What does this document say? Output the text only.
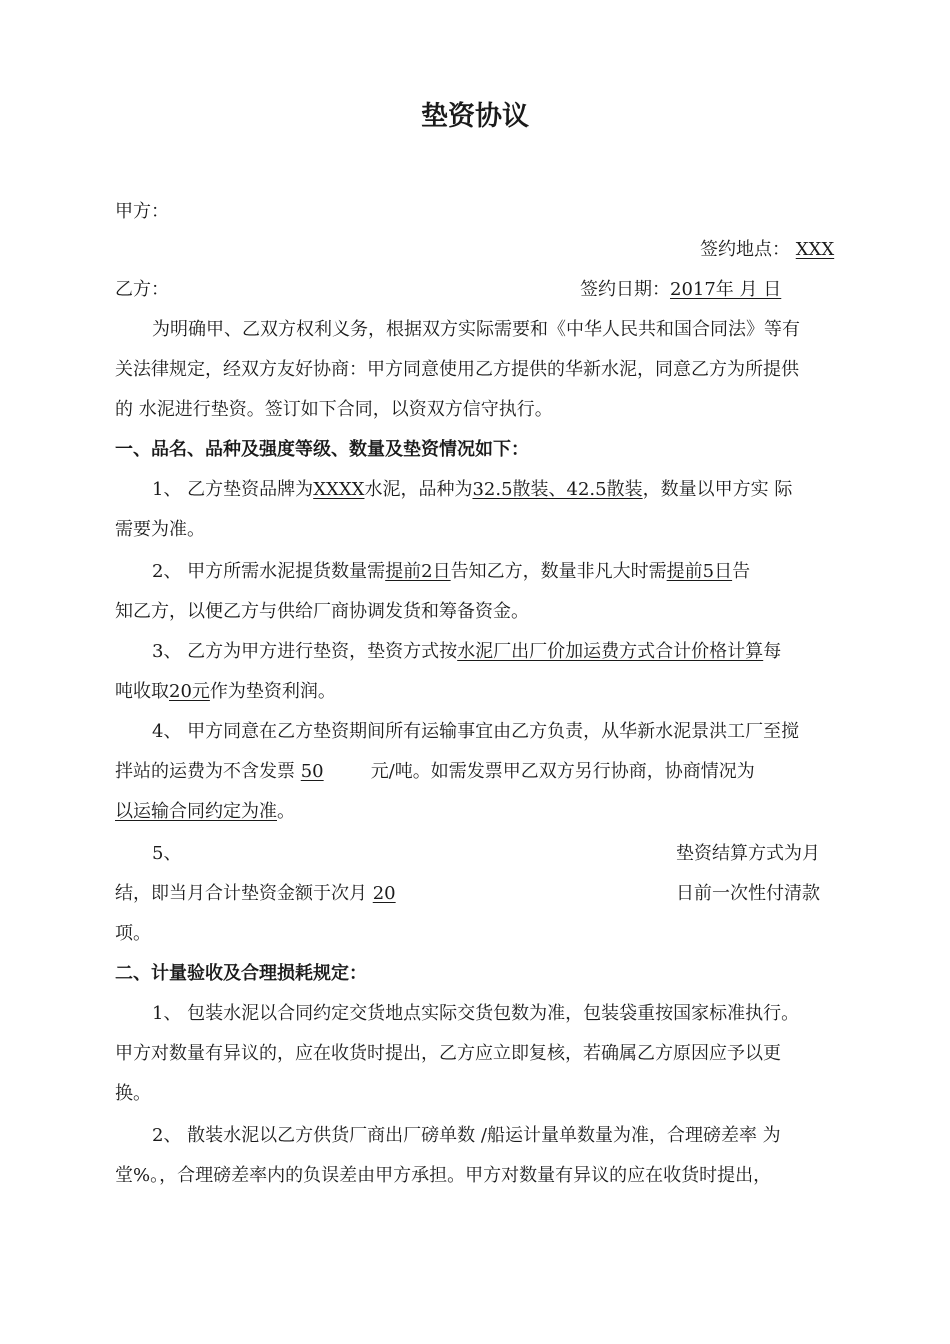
垫资协议
甲方：
签约地点： XXX
乙方：	签约日期：2017年 月 日
为明确甲、乙双方权利义务，根据双方实际需要和《中华人民共和国合同法》等有
关法律规定，经双方友好协商：甲方同意使用乙方提供的华新水泥，同意乙方为所提供
的 水泥进行垫资。签订如下合同，以资双方信守执行。
一、品名、品种及强度等级、数量及垫资情况如下：
1、 乙方垫资品牌为XXXX水泥，品种为32.5散装、42.5散装，数量以甲方实 际
需要为准。
2、 甲方所需水泥提货数量需提前2日告知乙方，数量非凡大时需提前5日告
知乙方，以便乙方与供给厂商协调发货和筹备资金。
3、 乙方为甲方进行垫资，垫资方式按水泥厂出厂价加运费方式合计价格计算每
吨收取20元作为垫资利润。
4、 甲方同意在乙方垫资期间所有运输事宜由乙方负责，从华新水泥景洪工厂至搅
拌站的运费为不含发票 50	元/吨。如需发票甲乙双方另行协商，协商情况为
以运输合同约定为准。
5、	垫资结算方式为月
结，即当月合计垫资金额于次月 20	日前一次性付清款
项。
二、计量验收及合理损耗规定：
1、 包装水泥以合同约定交货地点实际交货包数为准，包装袋重按国家标准执行。
甲方对数量有异议的，应在收货时提出，乙方应立即复核，若确属乙方原因应予以更
换。
2、 散装水泥以乙方供货厂商出厂磅单数 /船运计量单数量为准，合理磅差率 为
堂%。，合理磅差率内的负误差由甲方承担。甲方对数量有异议的应在收货时提出，
